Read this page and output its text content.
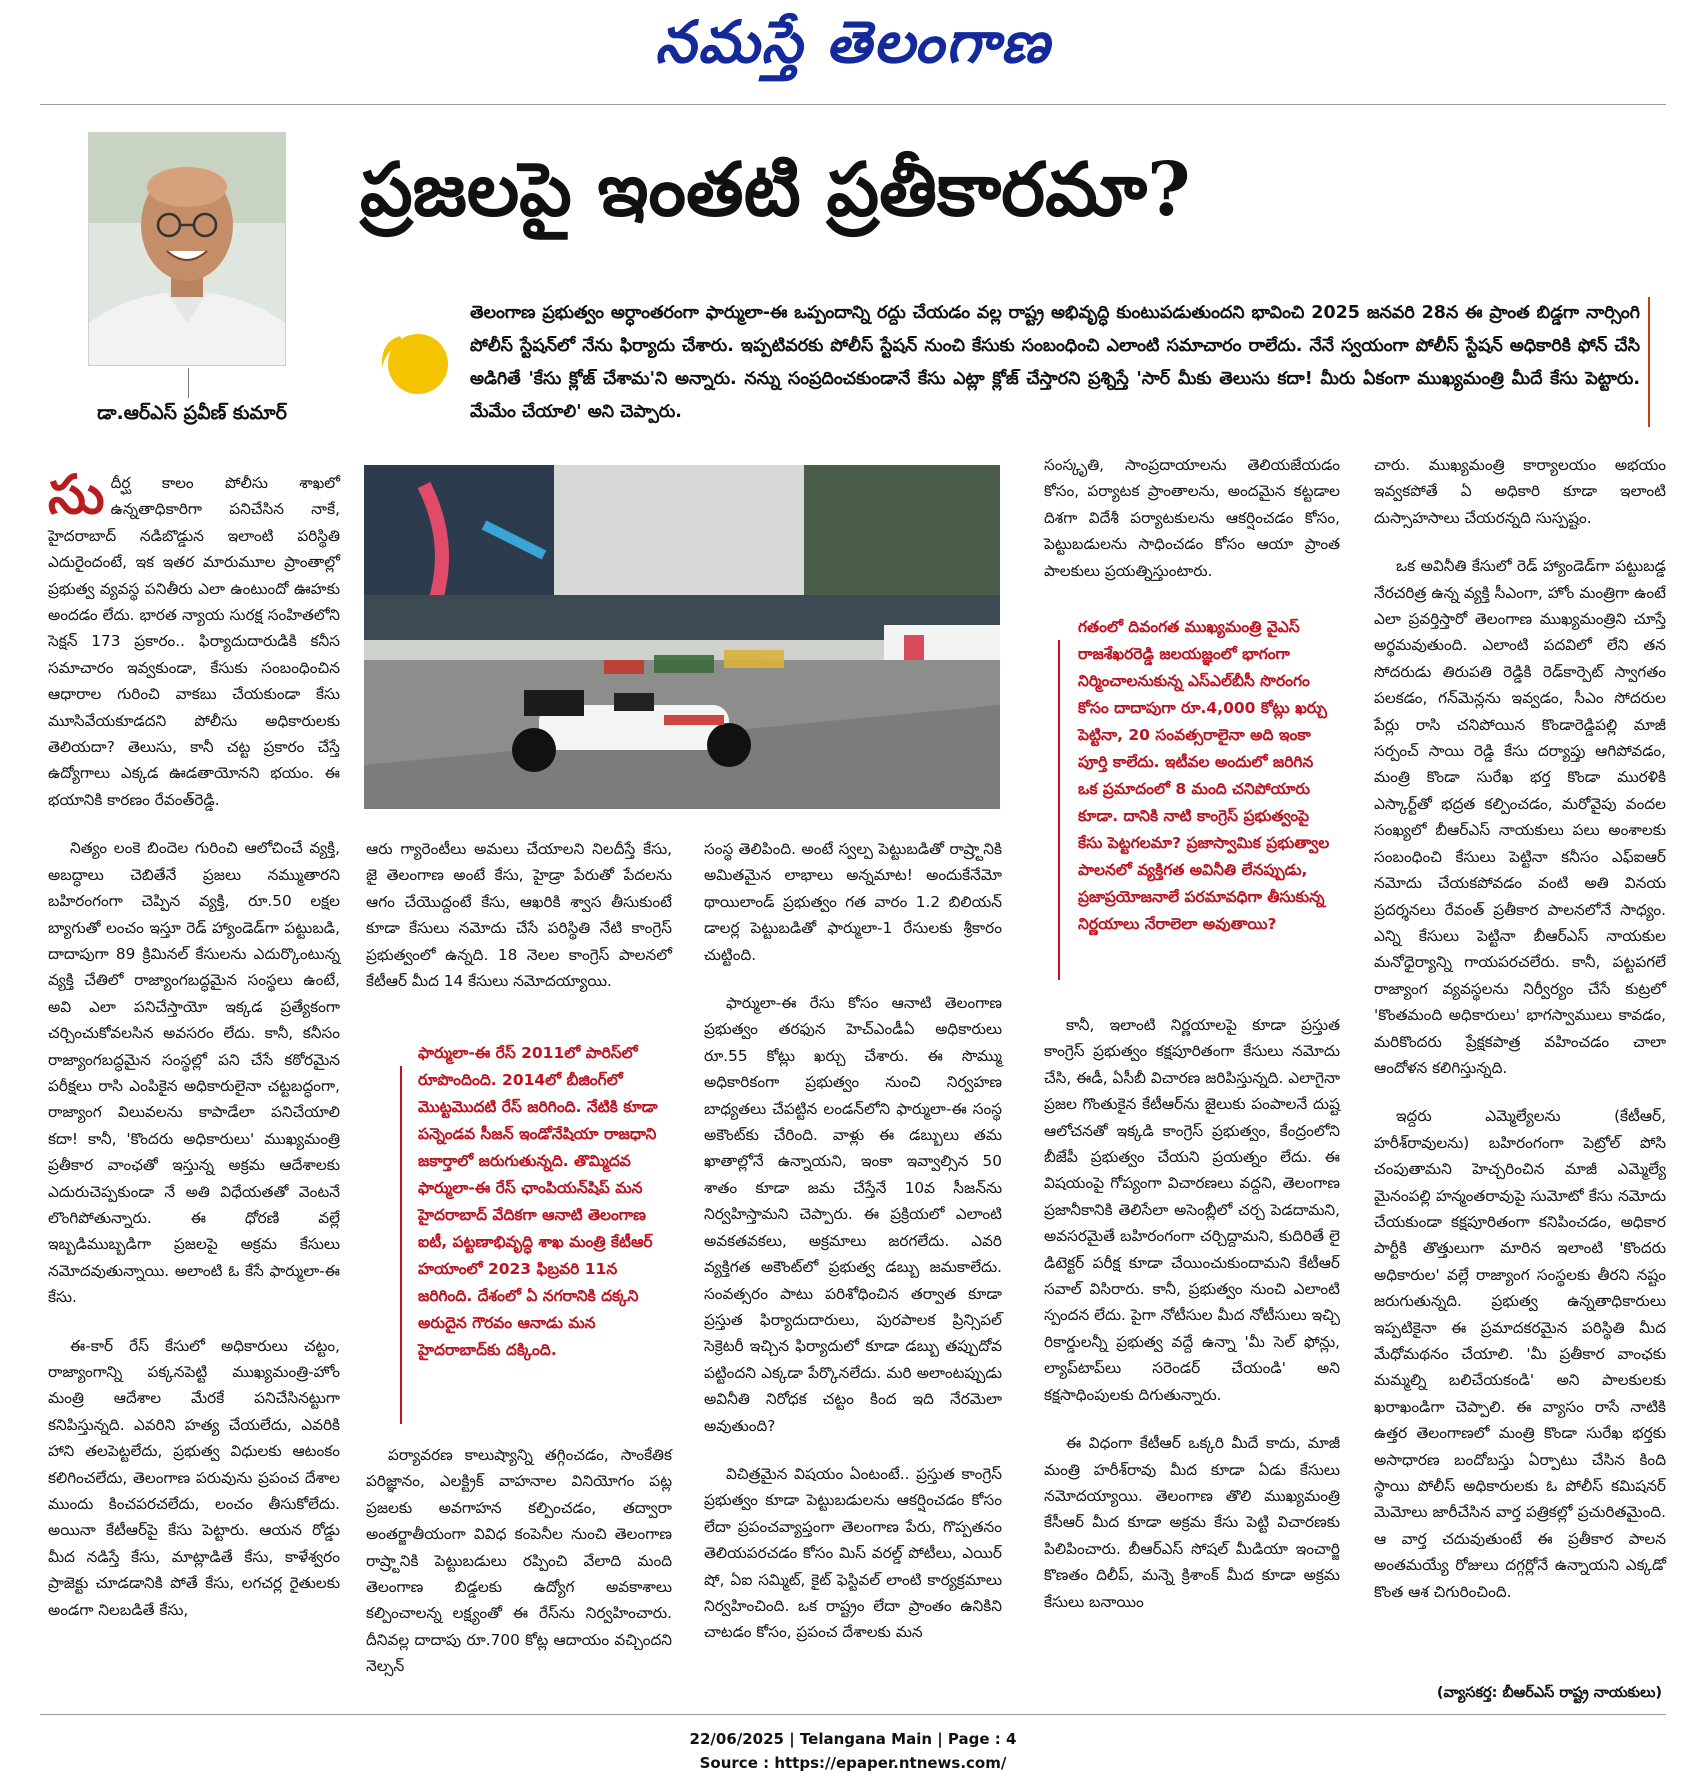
నమస్తే తెలంగాణ
డా.ఆర్ఎస్ ప్రవీణ్ కుమార్
ప్రజలపై ఇంతటి ప్రతీకారమా?
తెలంగాణ ప్రభుత్వం అర్ధాంతరంగా ఫార్ములా-ఈ ఒప్పందాన్ని రద్దు చేయడం వల్ల రాష్ట్ర అభివృద్ధి కుంటుపడుతుందని భావించి 2025 జనవరి 28న ఈ ప్రాంత బిడ్డగా నార్సింగి పోలీస్ స్టేషన్‌లో నేను ఫిర్యాదు చేశారు. ఇప్పటివరకు పోలీస్ స్టేషన్ నుంచి కేసుకు సంబంధించి ఎలాంటి సమాచారం రాలేదు. నేనే స్వయంగా పోలీస్ స్టేషన్ అధికారికి ఫోన్ చేసి అడిగితే 'కేసు క్లోజ్ చేశామ'ని అన్నారు. నన్ను సంప్రదించకుండానే కేసు ఎట్లా క్లోజ్ చేస్తారని ప్రశ్నిస్తే 'సార్ మీకు తెలుసు కదా! మీరు ఏకంగా ముఖ్యమంత్రి మీదే కేసు పెట్టారు. మేమేం చేయాలి' అని చెప్పారు.

సుదీర్ఘ కాలం పోలీసు శాఖలో ఉన్నతాధికారిగా పనిచేసిన నాకే, హైదరాబాద్ నడిబొడ్డున ఇలాంటి పరిస్థితి ఎదురైందంటే, ఇక ఇతర మారుమూల ప్రాంతాల్లో ప్రభుత్వ వ్యవస్థ పనితీరు ఎలా ఉంటుందో ఊహకు అందడం లేదు. భారత న్యాయ సురక్ష సంహితలోని సెక్షన్ 173 ప్రకారం.. ఫిర్యాదుదారుడికి కనీస సమాచారం ఇవ్వకుండా, కేసుకు సంబంధించిన ఆధారాల గురించి వాకబు చేయకుండా కేసు మూసివేయకూడదని పోలీసు అధికారులకు తెలియదా? తెలుసు, కానీ చట్ట ప్రకారం చేస్తే ఉద్యోగాలు ఎక్కడ ఊడతాయోనని భయం. ఈ భయానికి కారణం రేవంత్‌రెడ్డి.

నిత్యం లంకె బిందెల గురించి ఆలోచించే వ్యక్తి, అబద్ధాలు చెబితేనే ప్రజలు నమ్ముతారని బహిరంగంగా చెప్పిన వ్యక్తి, రూ.50 లక్షల బ్యాగుతో లంచం ఇస్తూ రెడ్ హ్యాండెడ్‌గా పట్టుబడి, దాదాపుగా 89 క్రిమినల్ కేసులను ఎదుర్కొంటున్న వ్యక్తి చేతిలో రాజ్యాంగబద్ధమైన సంస్థలు ఉంటే, అవి ఎలా పనిచేస్తాయో ఇక్కడ ప్రత్యేకంగా చర్చించుకోవలసిన అవసరం లేదు. కానీ, కనీసం రాజ్యాంగబద్ధమైన సంస్థల్లో పని చేసే కఠోరమైన పరీక్షలు రాసి ఎంపికైన అధికారులైనా చట్టబద్ధంగా, రాజ్యాంగ విలువలను కాపాడేలా పనిచేయాలి కదా! కానీ, 'కొందరు అధికారులు' ముఖ్యమంత్రి ప్రతీకార వాంఛతో ఇస్తున్న అక్రమ ఆదేశాలకు ఎదురుచెప్పకుండా నే అతి విధేయతతో వెంటనే లొంగిపోతున్నారు. ఈ ధోరణి వల్లే ఇబ్బడిముబ్బడిగా ప్రజలపై అక్రమ కేసులు నమోదవుతున్నాయి. అలాంటి ఓ కేసే ఫార్ములా-ఈ కేసు.

ఈ-కార్ రేస్ కేసులో అధికారులు చట్టం, రాజ్యాంగాన్ని పక్కనపెట్టి ముఖ్యమంత్రి-హోం మంత్రి ఆదేశాల మేరకే పనిచేసినట్టుగా కనిపిస్తున్నది. ఎవరిని హత్య చేయలేదు, ఎవరికి హాని తలపెట్టలేదు, ప్రభుత్వ విధులకు ఆటంకం కలిగించలేదు, తెలంగాణ పరువును ప్రపంచ దేశాల ముందు కించపరచలేదు, లంచం తీసుకోలేదు. అయినా కేటీఆర్‌పై కేసు పెట్టారు. ఆయన రోడ్డు మీద నడిస్తే కేసు, మాట్లాడితే కేసు, కాళేశ్వరం ప్రాజెక్టు చూడడానికి పోతే కేసు, లగచర్ల రైతులకు అండగా నిలబడితే కేసు,

ఆరు గ్యారెంటీలు అమలు చేయాలని నిలదీస్తే కేసు, జై తెలంగాణ అంటే కేసు, హైడ్రా పేరుతో పేదలను ఆగం చేయొద్దంటే కేసు, ఆఖరికి శ్వాస తీసుకుంటే కూడా కేసులు నమోదు చేసే పరిస్థితి నేటి కాంగ్రెస్ ప్రభుత్వంలో ఉన్నది. 18 నెలల కాంగ్రెస్ పాలనలో కేటీఆర్ మీద 14 కేసులు నమోదయ్యాయి.

ఫార్ములా-ఈ రేస్ 2011లో పారిస్‌లో రూపొందింది. 2014లో బీజింగ్‌లో మొట్టమొదటి రేస్ జరిగింది. నేటికి కూడా పన్నెండవ సీజన్ ఇండోనేషియా రాజధాని జకార్తాలో జరుగుతున్నది. తొమ్మిదవ ఫార్ములా-ఈ రేస్ ఛాంపియన్‌షిప్ మన హైదరాబాద్ వేదికగా ఆనాటి తెలంగాణ ఐటీ, పట్టణాభివృద్ధి శాఖ మంత్రి కేటీఆర్ హయాంలో 2023 ఫిబ్రవరి 11న జరిగింది. దేశంలో ఏ నగరానికి దక్కని అరుదైన గౌరవం ఆనాడు మన హైదరాబాద్‌కు దక్కింది.

పర్యావరణ కాలుష్యాన్ని తగ్గించడం, సాంకేతిక పరిజ్ఞానం, ఎలక్ట్రిక్ వాహనాల వినియోగం పట్ల ప్రజలకు అవగాహన కల్పించడం, తద్వారా అంతర్జాతీయంగా వివిధ కంపెనీల నుంచి తెలంగాణ రాష్ర్టానికి పెట్టుబడులు రప్పించి వేలాది మంది తెలంగాణ బిడ్డలకు ఉద్యోగ అవకాశాలు కల్పించాలన్న లక్ష్యంతో ఈ రేస్‌ను నిర్వహించారు. దీనివల్ల దాదాపు రూ.700 కోట్ల ఆదాయం వచ్చిందని నెల్సన్

సంస్థ తెలిపింది. అంటే స్వల్ప పెట్టుబడితో రాష్ర్టానికి అమితమైన లాభాలు అన్నమాట! అందుకేనేమో థాయిలాండ్ ప్రభుత్వం గత వారం 1.2 బిలియన్ డాలర్ల పెట్టుబడితో ఫార్ములా-1 రేసులకు శ్రీకారం చుట్టింది.

ఫార్ములా-ఈ రేసు కోసం ఆనాటి తెలంగాణ ప్రభుత్వం తరఫున హెచ్ఎండీఏ అధికారులు రూ.55 కోట్లు ఖర్చు చేశారు. ఈ సొమ్ము అధికారికంగా ప్రభుత్వం నుంచి నిర్వహణ బాధ్యతలు చేపట్టిన లండన్‌లోని ఫార్ములా-ఈ సంస్థ అకౌంట్‌కు చేరింది. వాళ్లు ఈ డబ్బులు తమ ఖాతాల్లోనే ఉన్నాయని, ఇంకా ఇవ్వాల్సిన 50 శాతం కూడా జమ చేస్తేనే 10వ సీజన్‌ను నిర్వహిస్తామని చెప్పారు. ఈ ప్రక్రియలో ఎలాంటి అవకతవకలు, అక్రమాలు జరగలేదు. ఎవరి వ్యక్తిగత అకౌంట్‌లో ప్రభుత్వ డబ్బు జమకాలేదు. సంవత్సరం పాటు పరిశోధించిన తర్వాత కూడా ప్రస్తుత ఫిర్యాదుదారులు, పురపాలక ప్రిన్సిపల్ సెక్రెటరీ ఇచ్చిన ఫిర్యాదులో కూడా డబ్బు తప్పుదోవ పట్టిందని ఎక్కడా పేర్కొనలేదు. మరి అలాంటప్పుడు అవినీతి నిరోధక చట్టం కింద ఇది నేరమెలా అవుతుంది?

విచిత్రమైన విషయం ఏంటంటే.. ప్రస్తుత కాంగ్రెస్ ప్రభుత్వం కూడా పెట్టుబడులను ఆకర్షించడం కోసం లేదా ప్రపంచవ్యాప్తంగా తెలంగాణ పేరు, గొప్పతనం తెలియపరచడం కోసం మిస్ వరల్డ్ పోటీలు, ఎయిర్ షో, ఏఐ సమ్మిట్, కైట్ ఫెస్టివల్ లాంటి కార్యక్రమాలు నిర్వహించింది. ఒక రాష్ట్రం లేదా ప్రాంతం ఉనికిని చాటడం కోసం, ప్రపంచ దేశాలకు మన

సంస్కృతి, సాంప్రదాయాలను తెలియజేయడం కోసం, పర్యాటక ప్రాంతాలను, అందమైన కట్టడాల దిశగా విదేశీ పర్యాటకులను ఆకర్షించడం కోసం, పెట్టుబడులను సాధించడం కోసం ఆయా ప్రాంత పాలకులు ప్రయత్నిస్తుంటారు.

గతంలో దివంగత ముఖ్యమంత్రి వైఎస్ రాజశేఖరరెడ్డి జలయజ్ఞంలో భాగంగా నిర్మించాలనుకున్న ఎస్ఎల్‌బీసీ సొరంగం కోసం దాదాపుగా రూ.4,000 కోట్లు ఖర్చు పెట్టినా, 20 సంవత్సరాలైనా అది ఇంకా పూర్తి కాలేదు. ఇటీవల అందులో జరిగిన ఒక ప్రమాదంలో 8 మంది చనిపోయారు కూడా. దానికి నాటి కాంగ్రెస్ ప్రభుత్వంపై కేసు పెట్టగలమా? ప్రజాస్వామిక ప్రభుత్వాల పాలనలో వ్యక్తిగత అవినీతి లేనప్పుడు, ప్రజాప్రయోజనాలే పరమావధిగా తీసుకున్న నిర్ణయాలు నేరాలెలా అవుతాయి?

కానీ, ఇలాంటి నిర్ణయాలపై కూడా ప్రస్తుత కాంగ్రెస్ ప్రభుత్వం కక్షపూరితంగా కేసులు నమోదు చేసి, ఈడీ, ఏసీబీ విచారణ జరిపిస్తున్నది. ఎలాగైనా ప్రజల గొంతుకైన కేటీఆర్‌ను జైలుకు పంపాలనే దుష్ట ఆలోచనతో ఇక్కడి కాంగ్రెస్ ప్రభుత్వం, కేంద్రంలోని బీజేపీ ప్రభుత్వం చేయని ప్రయత్నం లేదు. ఈ విషయంపై గోప్యంగా విచారణలు వద్దని, తెలంగాణ ప్రజానీకానికి తెలిసేలా అసెంబ్లీలో చర్చ పెడదామని, అవసరమైతే బహిరంగంగా చర్చిద్దామని, కుదిరితే లై డిటెక్టర్ పరీక్ష కూడా చేయించుకుందామని కేటీఆర్ సవాల్ విసిరారు. కానీ, ప్రభుత్వం నుంచి ఎలాంటి స్పందన లేదు. పైగా నోటీసుల మీద నోటీసులు ఇచ్చి రికార్డులన్నీ ప్రభుత్వ వద్దే ఉన్నా 'మీ సెల్ ఫోన్లు, ల్యాప్‌టాప్‌లు సరెండర్ చేయండి' అని కక్షసాధింపులకు దిగుతున్నారు.

ఈ విధంగా కేటీఆర్ ఒక్కరి మీదే కాదు, మాజీ మంత్రి హరీశ్‌రావు మీద కూడా ఏడు కేసులు నమోదయ్యాయి. తెలంగాణ తొలి ముఖ్యమంత్రి కేసీఆర్ మీద కూడా అక్రమ కేసు పెట్టి విచారణకు పిలిపించారు. బీఆర్ఎస్ సోషల్ మీడియా ఇంచార్జి కొణతం దిలీప్, మన్నె క్రిశాంక్ మీద కూడా అక్రమ కేసులు బనాయిం

చారు. ముఖ్యమంత్రి కార్యాలయం అభయం ఇవ్వకపోతే ఏ అధికారి కూడా ఇలాంటి దుస్సాహసాలు చేయరన్నది సుస్పష్టం.

ఒక అవినీతి కేసులో రెడ్ హ్యాండెడ్‌గా పట్టుబడ్డ నేరచరిత్ర ఉన్న వ్యక్తి సీఎంగా, హోం మంత్రిగా ఉంటే ఎలా ప్రవర్తిస్తారో తెలంగాణ ముఖ్యమంత్రిని చూస్తే అర్థమవుతుంది. ఎలాంటి పదవిలో లేని తన సోదరుడు తిరుపతి రెడ్డికి రెడ్‌కార్పెట్ స్వాగతం పలకడం, గన్‌మెన్లను ఇవ్వడం, సీఎం సోదరుల పేర్లు రాసి చనిపోయిన కొండారెడ్డిపల్లి మాజీ సర్పంచ్ సాయి రెడ్డి కేసు దర్యాప్తు ఆగిపోవడం, మంత్రి కొండా సురేఖ భర్త కొండా మురళికి ఎస్కార్ట్‌తో భద్రత కల్పించడం, మరోవైపు వందల సంఖ్యలో బీఆర్ఎస్ నాయకులు పలు అంశాలకు సంబంధించి కేసులు పెట్టినా కనీసం ఎఫ్ఐఆర్ నమోదు చేయకపోవడం వంటి అతి వినయ ప్రదర్శనలు రేవంత్ ప్రతీకార పాలనలోనే సాధ్యం. ఎన్ని కేసులు పెట్టినా బీఆర్ఎస్ నాయకుల మనోధైర్యాన్ని గాయపరచలేరు. కానీ, పట్టపగలే రాజ్యాంగ వ్యవస్థలను నిర్వీర్యం చేసే కుట్రలో 'కొంతమంది అధికారులు' భాగస్వాములు కావడం, మరికొందరు ప్రేక్షకపాత్ర వహించడం చాలా ఆందోళన కలిగిస్తున్నది.

ఇద్దరు ఎమ్మెల్యేలను (కేటీఆర్, హరీశ్‌రావులను) బహిరంగంగా పెట్రోల్ పోసి చంపుతామని హెచ్చరించిన మాజీ ఎమ్మెల్యే మైనంపల్లి హన్మంతరావుపై సుమోటో కేసు నమోదు చేయకుండా కక్షపూరితంగా కనిపించడం, అధికార పార్టీకి తొత్తులుగా మారిన ఇలాంటి 'కొందరు అధికారుల' వల్లే రాజ్యాంగ సంస్థలకు తీరని నష్టం జరుగుతున్నది. ప్రభుత్వ ఉన్నతాధికారులు ఇప్పటికైనా ఈ ప్రమాదకరమైన పరిస్థితి మీద మేధోమథనం చేయాలి. 'మీ ప్రతీకార వాంఛకు మమ్మల్ని బలిచేయకండి' అని పాలకులకు ఖరాఖండిగా చెప్పాలి. ఈ వ్యాసం రాసే నాటికి ఉత్తర తెలంగాణలో మంత్రి కొండా సురేఖ భర్తకు అసాధారణ బందోబస్తు ఏర్పాటు చేసిన కింది స్థాయి పోలీస్ అధికారులకు ఓ పోలీస్ కమిషనర్ మెమోలు జారీచేసిన వార్త పత్రికల్లో ప్రచురితమైంది. ఆ వార్త చదువుతుంటే ఈ ప్రతీకార పాలన అంతమయ్యే రోజులు దగ్గర్లోనే ఉన్నాయని ఎక్కడో కొంత ఆశ చిగురించింది.

(వ్యాసకర్త: బీఆర్ఎస్ రాష్ట్ర నాయకులు)
22/06/2025 | Telangana Main | Page : 4
Source : https://epaper.ntnews.com/
